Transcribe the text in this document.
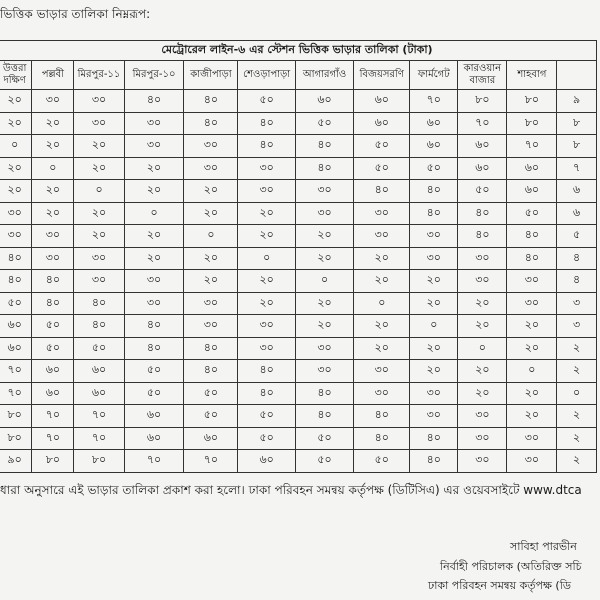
ভিত্তিক ভাড়ার তালিকা নিম্নরূপ:
মেট্রোরেল লাইন-৬ এর স্টেশন ভিত্তিক ভাড়ার তালিকা (টাকা)											
উত্তরা দক্ষিণ	পল্লবী	মিরপুর-১১	মিরপুর-১০	কাজীপাড়া	শেওড়াপাড়া	আগারগাঁও	বিজয়সরণি	ফার্মগেট	কারওয়ান বাজার	শাহবাগ	
২০	৩০	৩০	৪০	৪০	৫০	৬০	৬০	৭০	৮০	৮০	৯
২০	২০	৩০	৩০	৪০	৪০	৫০	৬০	৬০	৭০	৮০	৮
০	২০	২০	৩০	৩০	৪০	৪০	৫০	৬০	৬০	৭০	৮
২০	০	২০	২০	৩০	৩০	৪০	৫০	৫০	৬০	৬০	৭
২০	২০	০	২০	২০	৩০	৩০	৪০	৪০	৫০	৬০	৬
৩০	২০	২০	০	২০	২০	৩০	৩০	৪০	৪০	৫০	৬
৩০	৩০	২০	২০	০	২০	২০	৩০	৩০	৪০	৪০	৫
৪০	৩০	৩০	২০	২০	০	২০	২০	৩০	৩০	৪০	৪
৪০	৪০	৩০	৩০	২০	২০	০	২০	২০	৩০	৩০	৪
৫০	৪০	৪০	৩০	৩০	২০	২০	০	২০	২০	৩০	৩
৬০	৫০	৪০	৪০	৩০	৩০	২০	২০	০	২০	২০	৩
৬০	৫০	৫০	৪০	৪০	৩০	৩০	২০	২০	০	২০	২
৭০	৬০	৬০	৫০	৪০	৪০	৩০	৩০	২০	২০	০	২
৭০	৬০	৬০	৫০	৫০	৪০	৪০	৩০	৩০	২০	২০	০
৮০	৭০	৭০	৬০	৫০	৫০	৪০	৪০	৩০	৩০	২০	২
৮০	৭০	৭০	৬০	৬০	৫০	৫০	৪০	৪০	৩০	৩০	২
৯০	৮০	৮০	৭০	৭০	৬০	৫০	৫০	৪০	৩০	৩০	২
ধারা অনুসারে এই ভাড়ার তালিকা প্রকাশ করা হলো। ঢাকা পরিবহন সমন্বয় কর্তৃপক্ষ (ডিটিসিএ) এর ওয়েবসাইটে www.dtca
সাবিহা পারভীন
নির্বাহী পরিচালক (অতিরিক্ত সচি
ঢাকা পরিবহন সমন্বয় কর্তৃপক্ষ (ডি
